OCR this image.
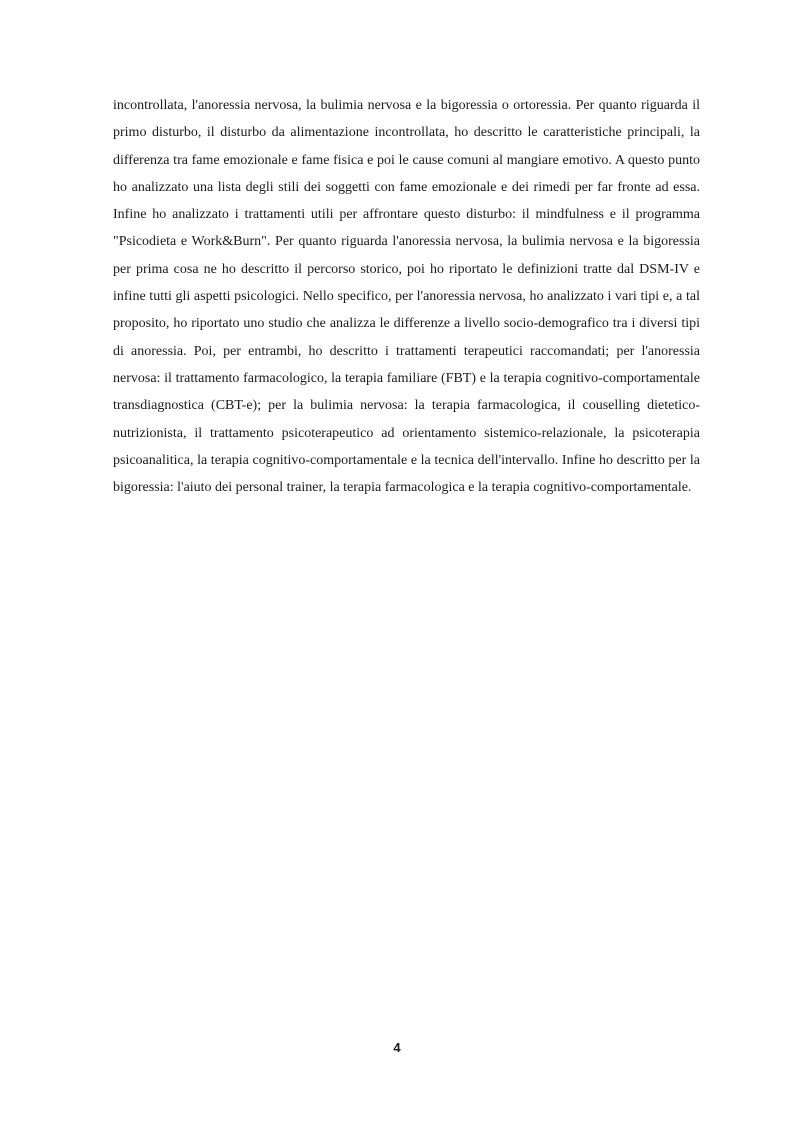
incontrollata, l'anoressia nervosa, la bulimia nervosa e la bigoressia o ortoressia. Per quanto riguarda il primo disturbo, il disturbo da alimentazione incontrollata, ho descritto le caratteristiche principali, la differenza tra fame emozionale e fame fisica e poi le cause comuni al mangiare emotivo. A questo punto ho analizzato una lista degli stili dei soggetti con fame emozionale e dei rimedi per far fronte ad essa. Infine ho analizzato i trattamenti utili per affrontare questo disturbo: il mindfulness e il programma "Psicodieta e Work&Burn". Per quanto riguarda l'anoressia nervosa, la bulimia nervosa e la bigoressia per prima cosa ne ho descritto il percorso storico, poi ho riportato le definizioni tratte dal DSM-IV e infine tutti gli aspetti psicologici. Nello specifico, per l'anoressia nervosa, ho analizzato i vari tipi e, a tal proposito, ho riportato uno studio che analizza le differenze a livello socio-demografico tra i diversi tipi di anoressia. Poi, per entrambi, ho descritto i trattamenti terapeutici raccomandati; per l'anoressia nervosa: il trattamento farmacologico, la terapia familiare (FBT) e la terapia cognitivo-comportamentale transdiagnostica (CBT-e); per la bulimia nervosa: la terapia farmacologica, il couselling dietetico-nutrizionista, il trattamento psicoterapeutico ad orientamento sistemico-relazionale, la psicoterapia psicoanalitica, la terapia cognitivo-comportamentale e la tecnica dell'intervallo. Infine ho descritto per la bigoressia: l'aiuto dei personal trainer, la terapia farmacologica e la terapia cognitivo-comportamentale.

4
